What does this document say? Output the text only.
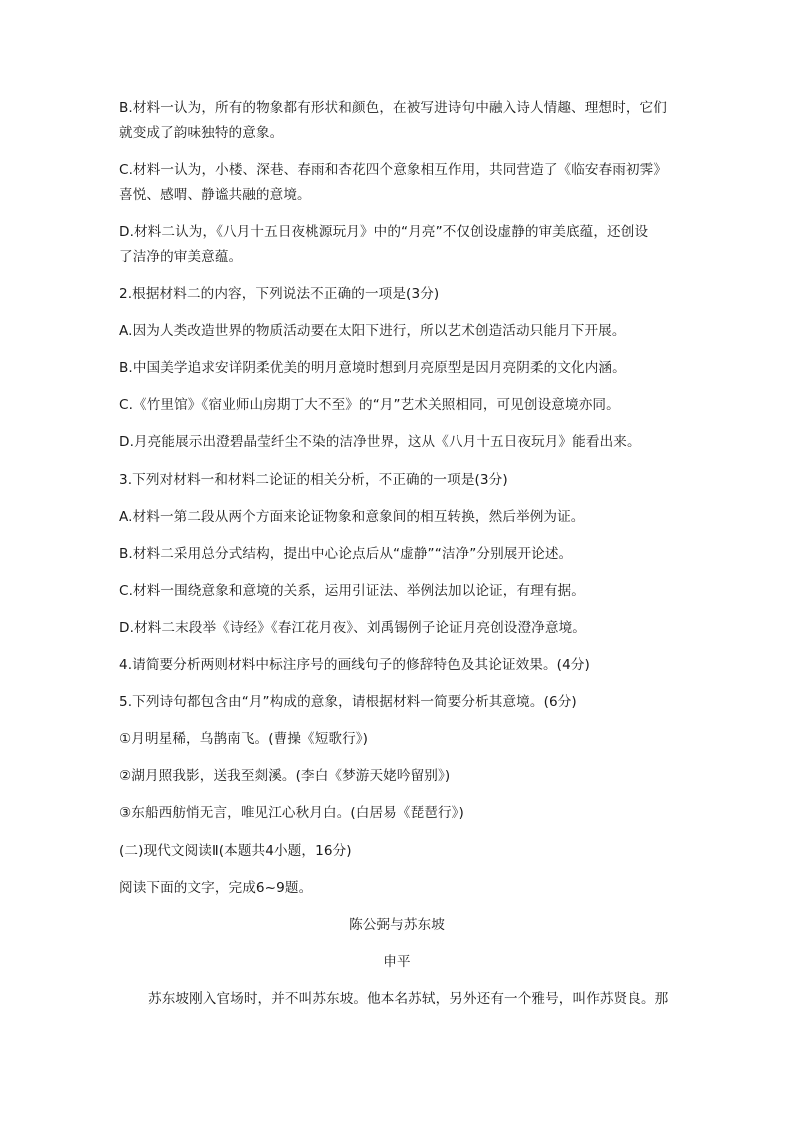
B.材料一认为，所有的物象都有形状和颜色，在被写进诗句中融入诗人情趣、理想时，它们
就变成了韵味独特的意象。
C.材料一认为，小楼、深巷、春雨和杏花四个意象相互作用，共同营造了《临安春雨初霁》
喜悦、感喟、静谧共融的意境。
D.材料二认为，《八月十五日夜桃源玩月》中的“月亮”不仅创设虚静的审美底蕴，还创设
了洁净的审美意蕴。
2.根据材料二的内容，下列说法不正确的一项是(3分)
A.因为人类改造世界的物质活动要在太阳下进行，所以艺术创造活动只能月下开展。
B.中国美学追求安详阴柔优美的明月意境时想到月亮原型是因月亮阴柔的文化内涵。
C.《竹里馆》《宿业师山房期丁大不至》的“月”艺术关照相同，可见创设意境亦同。
D.月亮能展示出澄碧晶莹纤尘不染的洁净世界，这从《八月十五日夜玩月》能看出来。
3.下列对材料一和材料二论证的相关分析，不正确的一项是(3分)
A.材料一第二段从两个方面来论证物象和意象间的相互转换，然后举例为证。
B.材料二采用总分式结构，提出中心论点后从“虚静”“洁净”分别展开论述。
C.材料一围绕意象和意境的关系，运用引证法、举例法加以论证，有理有据。
D.材料二末段举《诗经》《春江花月夜》、刘禹锡例子论证月亮创设澄净意境。
4.请简要分析两则材料中标注序号的画线句子的修辞特色及其论证效果。(4分)
5.下列诗句都包含由“月”构成的意象，请根据材料一简要分析其意境。(6分)
①月明星稀，乌鹊南飞。(曹操《短歌行》)
②湖月照我影，送我至剡溪。(李白《梦游天姥吟留别》)
③东船西舫悄无言，唯见江心秋月白。(白居易《琵琶行》)
(二)现代文阅读Ⅱ(本题共4小题，16分)
阅读下面的文字，完成6~9题。
陈公弼与苏东坡
申平
苏东坡刚入官场时，并不叫苏东坡。他本名苏轼，另外还有一个雅号，叫作苏贤良。那
